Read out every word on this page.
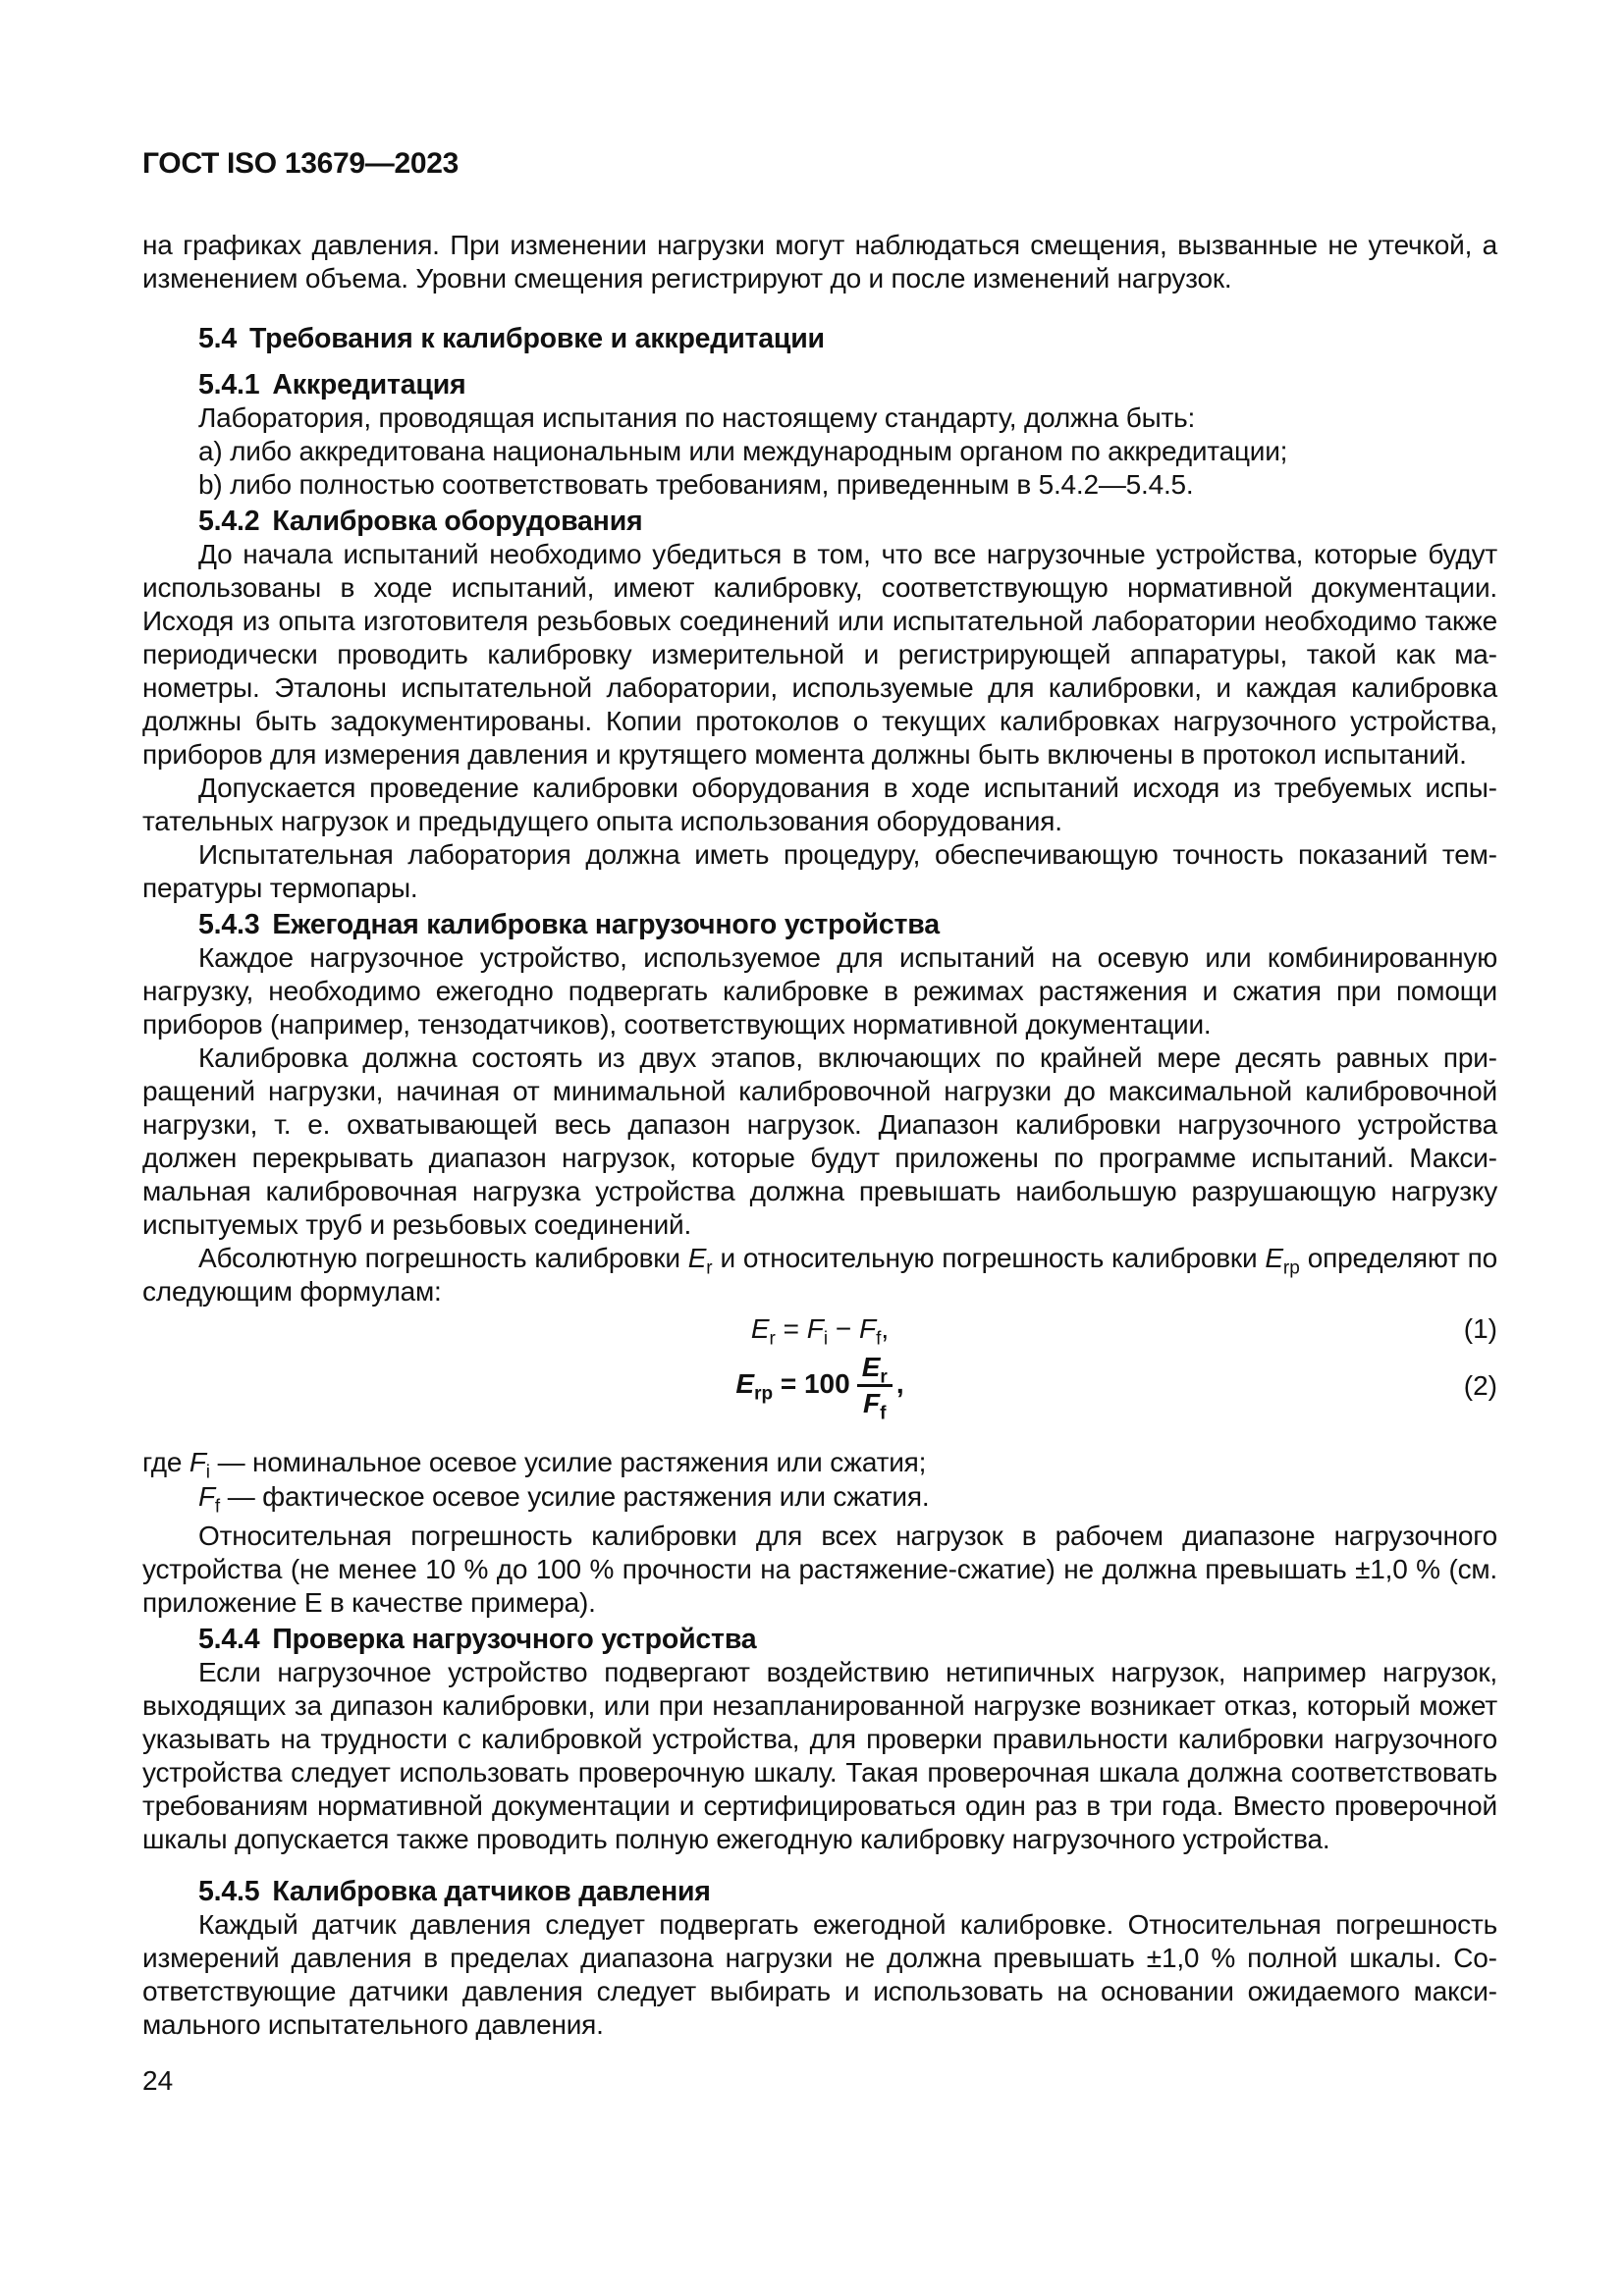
ГОСТ ISO 13679—2023

на графиках давления. При изменении нагрузки могут наблюдаться смещения, вызванные не утечкой, а изменением объема. Уровни смещения регистрируют до и после изменений нагрузок.

5.4 Требования к калибровке и аккредитации
5.4.1 Аккредитация

Лаборатория, проводящая испытания по настоящему стандарту, должна быть:

a) либо аккредитована национальным или международным органом по аккредитации;

b) либо полностью соответствовать требованиям, приведенным в 5.4.2—5.4.5.

5.4.2 Калибровка оборудования

До начала испытаний необходимо убедиться в том, что все нагрузочные устройства, которые будут использованы в ходе испытаний, имеют калибровку, соответствующую нормативной документации. Исходя из опыта изготовителя резьбовых соединений или испытательной лаборатории необходимо также периодически проводить калибровку измерительной и регистрирующей аппаратуры, такой как манометры. Эталоны испытательной лаборатории, используемые для калибровки, и каждая калибровка должны быть задокументированы. Копии протоколов о текущих калибровках нагрузочного устройства, приборов для измерения давления и крутящего момента должны быть включены в протокол испытаний.

Допускается проведение калибровки оборудования в ходе испытаний исходя из требуемых испытательных нагрузок и предыдущего опыта использования оборудования.

Испытательная лаборатория должна иметь процедуру, обеспечивающую точность показаний температуры термопары.

5.4.3 Ежегодная калибровка нагрузочного устройства

Каждое нагрузочное устройство, используемое для испытаний на осевую или комбинированную нагрузку, необходимо ежегодно подвергать калибровке в режимах растяжения и сжатия при помощи приборов (например, тензодатчиков), соответствующих нормативной документации.

Калибровка должна состоять из двух этапов, включающих по крайней мере десять равных приращений нагрузки, начиная от минимальной калибровочной нагрузки до максимальной калибровочной нагрузки, т. е. охватывающей весь дапазон нагрузок. Диапазон калибровки нагрузочного устройства должен перекрывать диапазон нагрузок, которые будут приложены по программе испытаний. Максимальная калибровочная нагрузка устройства должна превышать наибольшую разрушающую нагрузку испытуемых труб и резьбовых соединений.

Абсолютную погрешность калибровки $E_r$ и относительную погрешность калибровки $E_{rp}$ определяют по следующим формулам:

$E_r = F_i - F_f$,	(1)
$E_{rp} = 100 \frac{E_r}{F_f}$ ,	(2)
где $F_i$ — номинальное осевое усилие растяжения или сжатия;
$F_f$ — фактическое осевое усилие растяжения или сжатия.

Относительная погрешность калибровки для всех нагрузок в рабочем диапазоне нагрузочного устройства (не менее 10 % до 100 % прочности на растяжение-сжатие) не должна превышать ±1,0 % (см. приложение Е в качестве примера).

5.4.4 Проверка нагрузочного устройства

Если нагрузочное устройство подвергают воздействию нетипичных нагрузок, например нагрузок, выходящих за дипазон калибровки, или при незапланированной нагрузке возникает отказ, который может указывать на трудности с калибровкой устройства, для проверки правильности калибровки нагрузочного устройства следует использовать проверочную шкалу. Такая проверочная шкала должна соответствовать требованиям нормативной документации и сертифицироваться один раз в три года. Вместо проверочной шкалы допускается также проводить полную ежегодную калибровку нагрузочного устройства.

5.4.5 Калибровка датчиков давления

Каждый датчик давления следует подвергать ежегодной калибровке. Относительная погрешность измерений давления в пределах диапазона нагрузки не должна превышать ±1,0 % полной шкалы. Соответствующие датчики давления следует выбирать и использовать на основании ожидаемого максимального испытательного давления.

24
